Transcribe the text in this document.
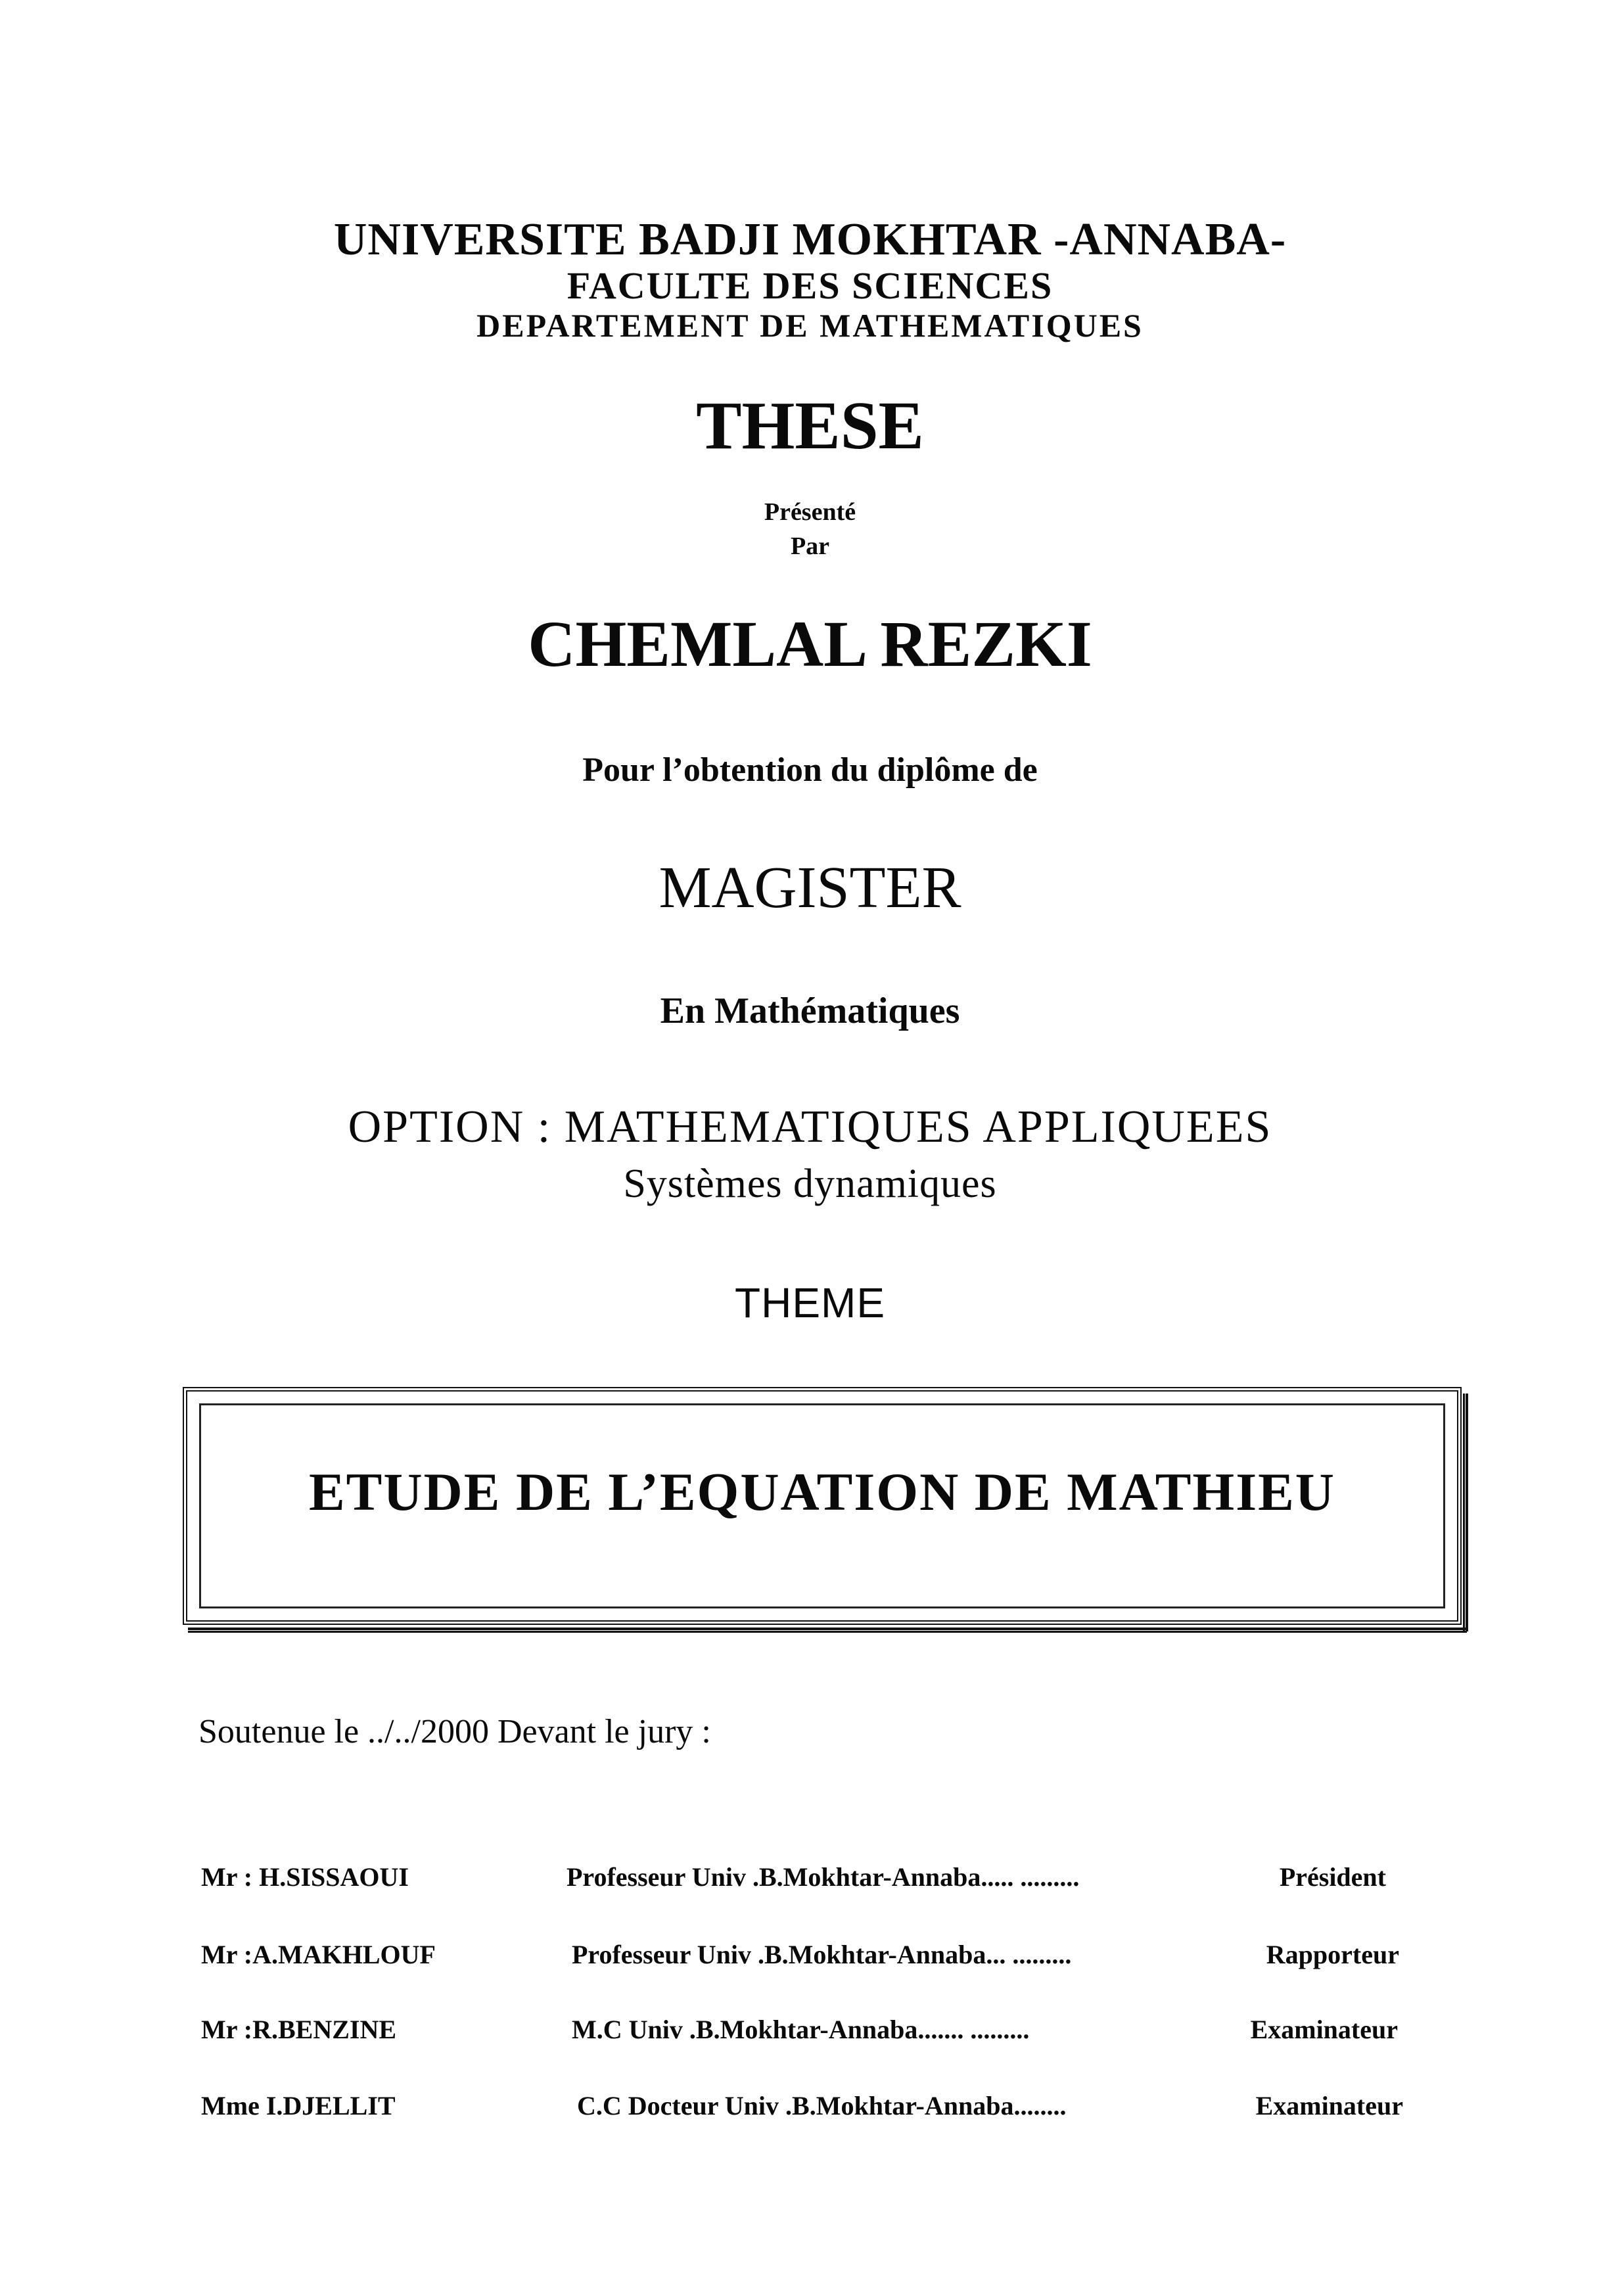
UNIVERSITE BADJI MOKHTAR -ANNABA-
FACULTE DES SCIENCES
DEPARTEMENT DE MATHEMATIQUES
THESE
Présenté
Par
CHEMLAL REZKI
Pour l’obtention du diplôme de
MAGISTER
En Mathématiques
OPTION : MATHEMATIQUES APPLIQUEES
Systèmes dynamiques
THEME
ETUDE DE L’EQUATION DE MATHIEU
Soutenue le ../../2000 Devant le jury :
Mr : H.SISSAOUI	Professeur Univ .B.Mokhtar-Annaba..... .........	Président
Mr :A.MAKHLOUF	Professeur Univ .B.Mokhtar-Annaba... .........	Rapporteur
Mr :R.BENZINE	M.C Univ .B.Mokhtar-Annaba....... .........	Examinateur
Mme I.DJELLIT	C.C Docteur Univ .B.Mokhtar-Annaba........	Examinateur
